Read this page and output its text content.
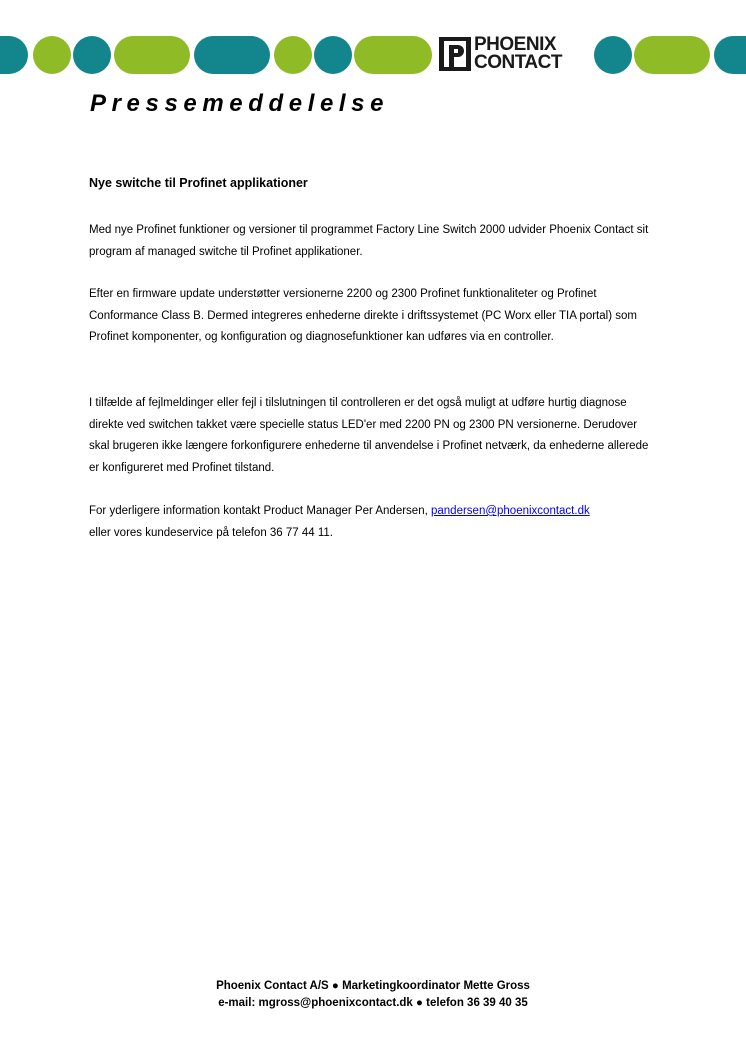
PHOENIX
CONTACT
Pressemeddelelse
Nye switche til Profinet applikationer

Med nye Profinet funktioner og versioner til programmet Factory Line Switch 2000 udvider Phoenix Contact sit program af managed switche til Profinet applikationer.

Efter en firmware update understøtter versionerne 2200 og 2300 Profinet funktionaliteter og Profinet Conformance Class B. Dermed integreres enhederne direkte i driftssystemet (PC Worx eller TIA portal) som Profinet komponenter, og konfiguration og diagnosefunktioner kan udføres via en controller.

I tilfælde af fejlmeldinger eller fejl i tilslutningen til controlleren er det også muligt at udføre hurtig diagnose direkte ved switchen takket være specielle status LED'er med 2200 PN og 2300 PN versionerne. Derudover skal brugeren ikke længere forkonfigurere enhederne til anvendelse i Profinet netværk, da enhederne allerede er konfigureret med Profinet tilstand.

For yderligere information kontakt Product Manager Per Andersen, pandersen@phoenixcontact.dk
eller vores kundeservice på telefon 36 77 44 11.

Phoenix Contact A/S ● Marketingkoordinator Mette Gross
e-mail: mgross@phoenixcontact.dk ● telefon 36 39 40 35
